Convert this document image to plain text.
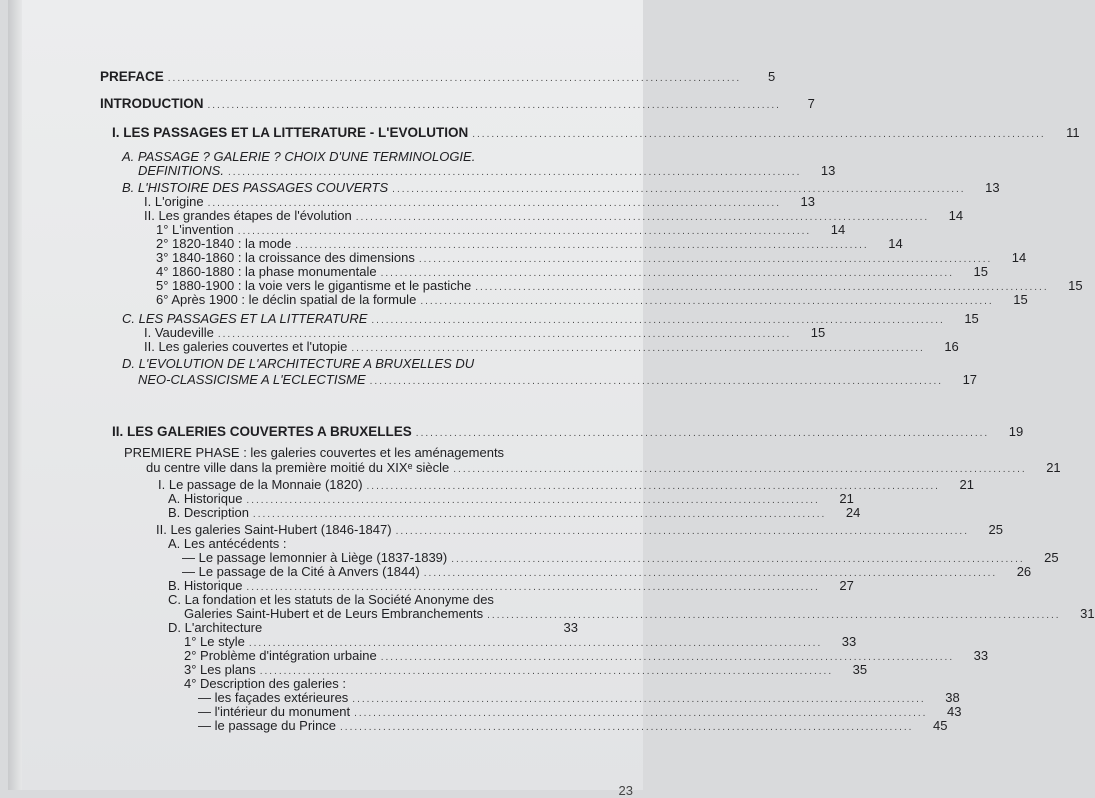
PREFACE ........................................................................................................................	5
INTRODUCTION ........................................................................................................................	7
I. LES PASSAGES ET LA LITTERATURE - L'EVOLUTION ........................................................................................................................	11
A. PASSAGE ? GALERIE ? CHOIX D'UNE TERMINOLOGIE.
DEFINITIONS. ........................................................................................................................	13
B. L'HISTOIRE DES PASSAGES COUVERTS ........................................................................................................................	13
I. L'origine ........................................................................................................................	13
II. Les grandes étapes de l'évolution ........................................................................................................................	14
1° L'invention ........................................................................................................................	14
2° 1820-1840 : la mode ........................................................................................................................	14
3° 1840-1860 : la croissance des dimensions ........................................................................................................................	14
4° 1860-1880 : la phase monumentale ........................................................................................................................	15
5° 1880-1900 : la voie vers le gigantisme et le pastiche ........................................................................................................................	15
6° Après 1900 : le déclin spatial de la formule ........................................................................................................................	15
C. LES PASSAGES ET LA LITTERATURE ........................................................................................................................	15
I. Vaudeville ........................................................................................................................	15
II. Les galeries couvertes et l'utopie ........................................................................................................................	16
D. L'EVOLUTION DE L'ARCHITECTURE A BRUXELLES DU
NEO-CLASSICISME A L'ECLECTISME ........................................................................................................................	17
II. LES GALERIES COUVERTES A BRUXELLES ........................................................................................................................	19
PREMIERE PHASE : les galeries couvertes et les aménagements
du centre ville dans la première moitié du XIXᵉ siècle ........................................................................................................................	21
I. Le passage de la Monnaie (1820) ........................................................................................................................	21
A. Historique ........................................................................................................................	21
B. Description ........................................................................................................................	24
II. Les galeries Saint-Hubert (1846-1847) ........................................................................................................................	25
A. Les antécédents :
— Le passage lemonnier à Liège (1837-1839) ........................................................................................................................	25
— Le passage de la Cité à Anvers (1844) ........................................................................................................................	26
B. Historique ........................................................................................................................	27
C. La fondation et les statuts de la Société Anonyme des
Galeries Saint-Hubert et de Leurs Embranchements ........................................................................................................................	31
D. L'architecture	33
1° Le style ........................................................................................................................	33
2° Problème d'intégration urbaine ........................................................................................................................	33
3° Les plans ........................................................................................................................	35
4° Description des galeries :
— les façades extérieures ........................................................................................................................	38
— l'intérieur du monument ........................................................................................................................	43
— le passage du Prince ........................................................................................................................	45
23
